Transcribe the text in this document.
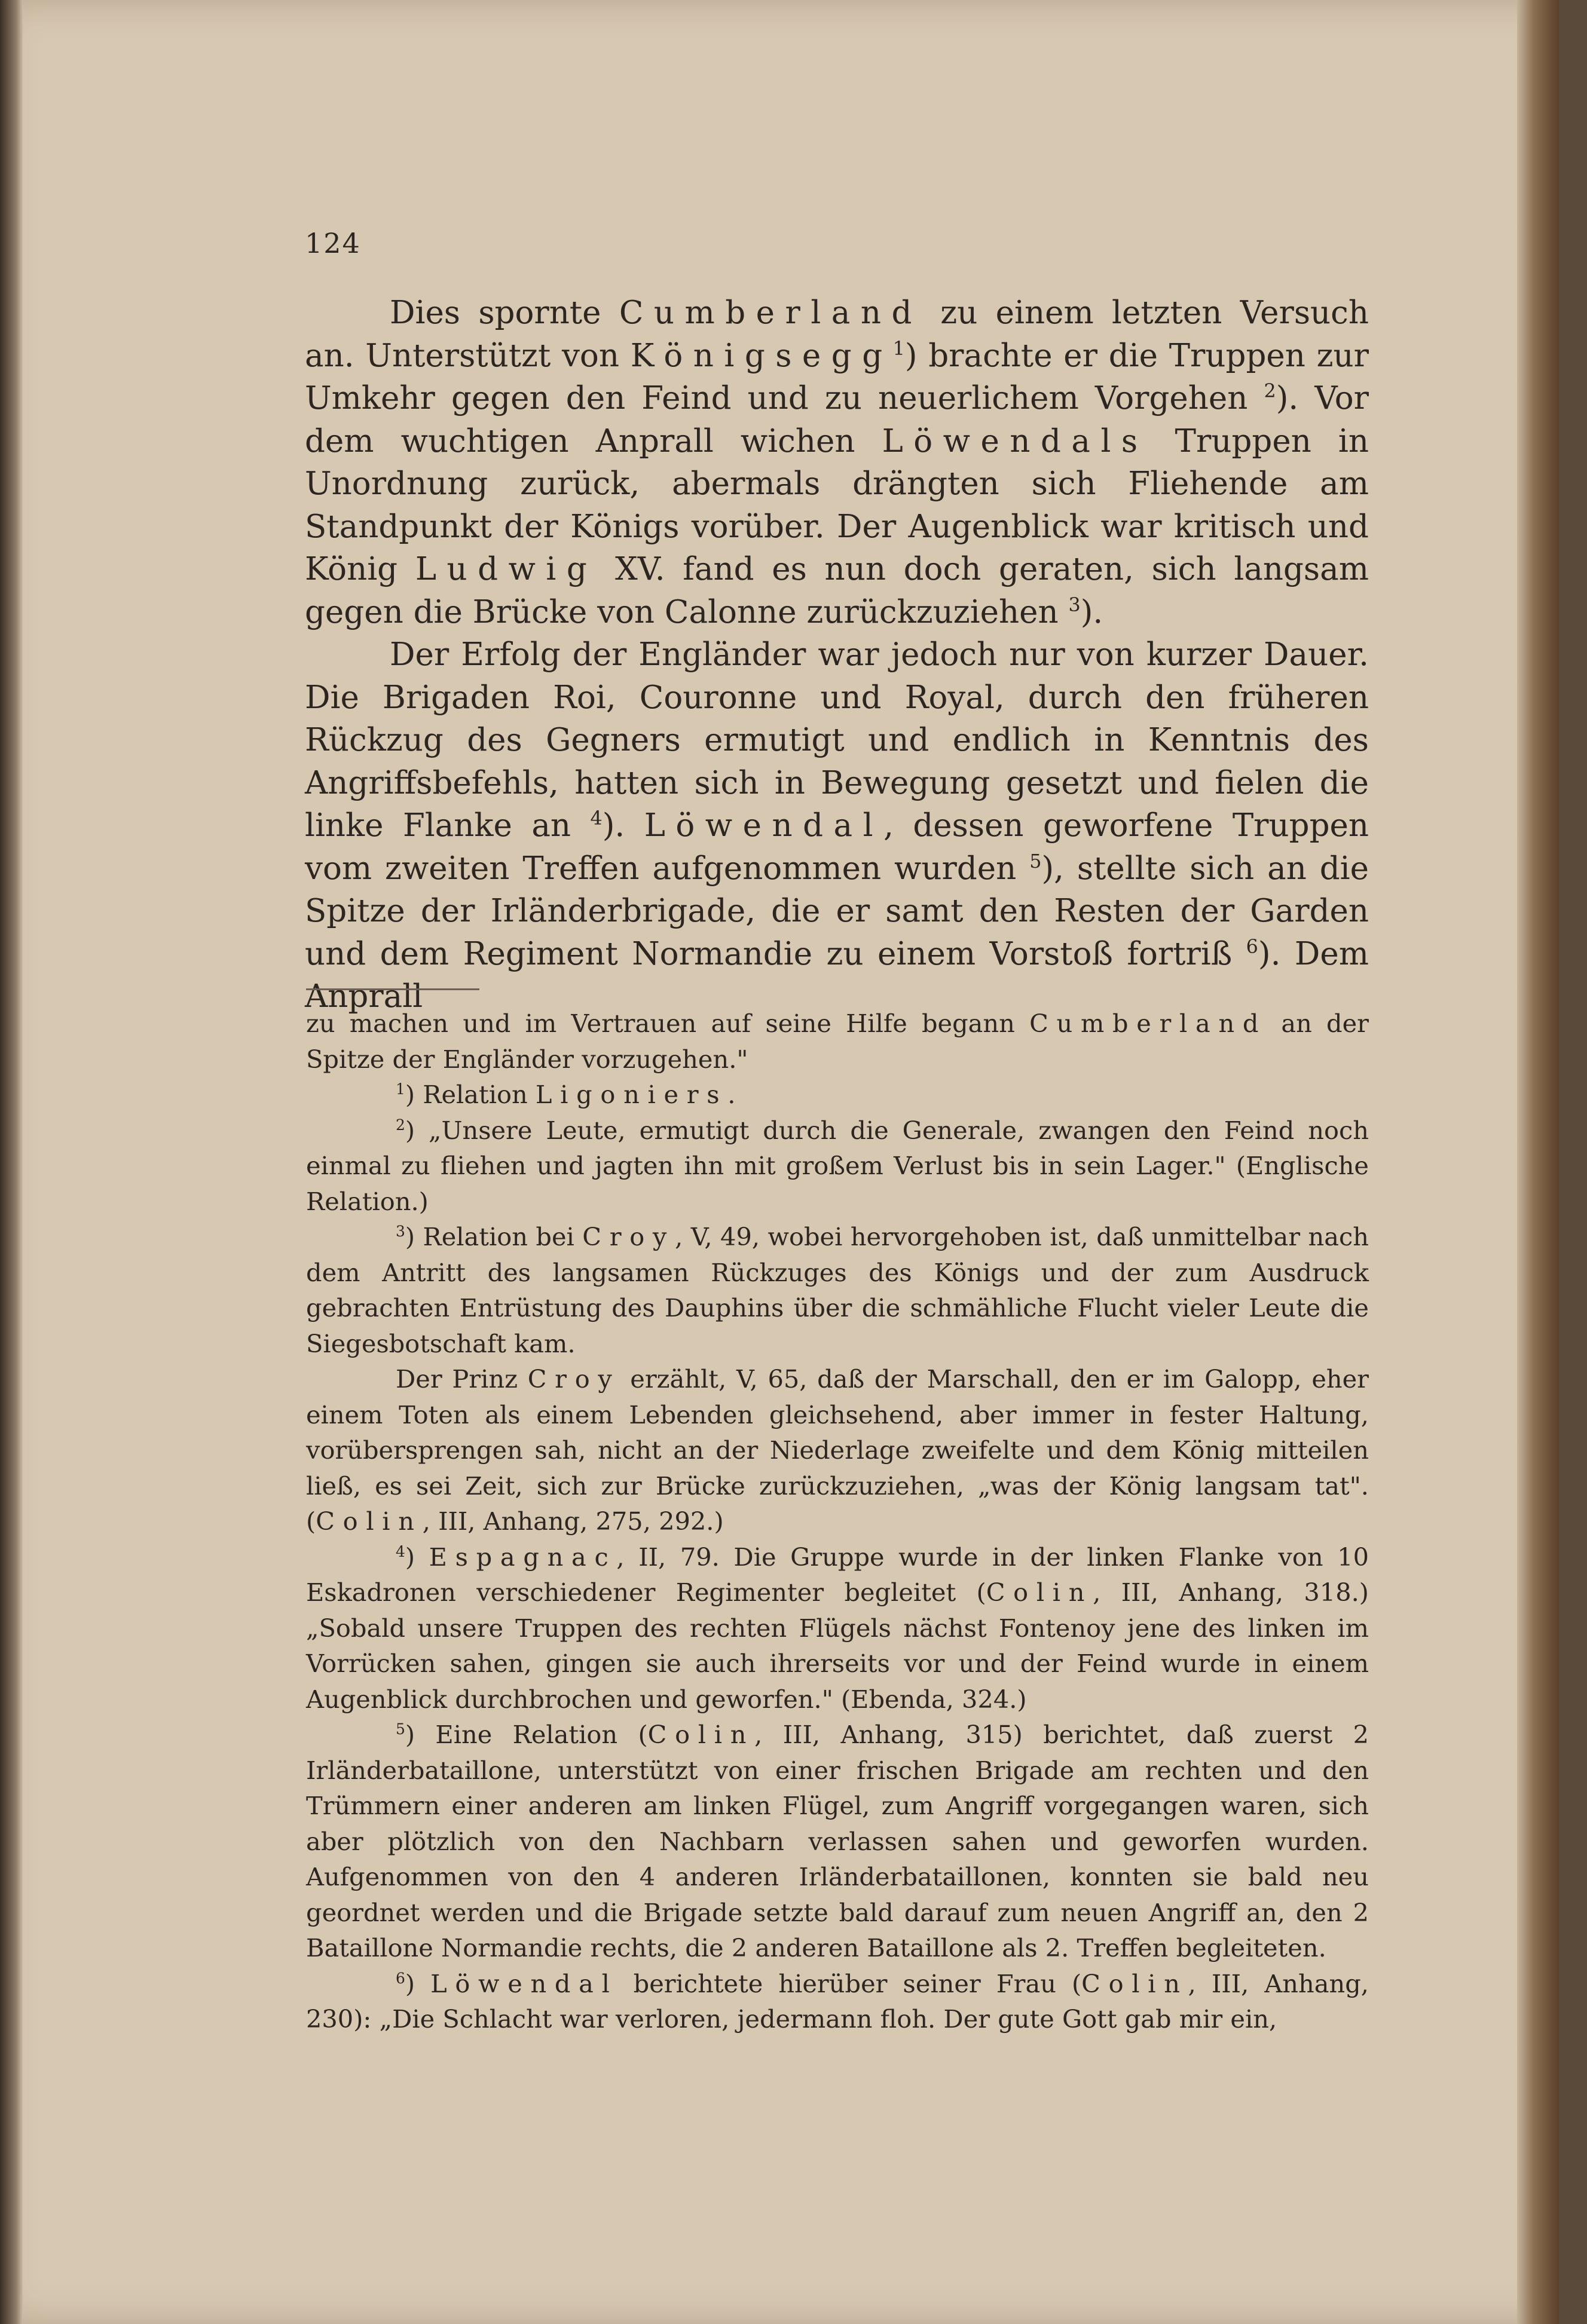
124

Dies spornte Cumberland zu einem letzten Versuch an. Unterstützt von Königsegg$^1$) brachte er die Truppen zur Umkehr gegen den Feind und zu neuerlichem Vorgehen $^2$). Vor dem wuchtigen Anprall wichen Löwendals Truppen in Unordnung zurück, abermals drängten sich Fliehende am Standpunkt der Königs vorüber. Der Augenblick war kritisch und König Ludwig XV. fand es nun doch geraten, sich langsam gegen die Brücke von Calonne zurückzuziehen $^3$).

Der Erfolg der Engländer war jedoch nur von kurzer Dauer. Die Brigaden Roi, Couronne und Royal, durch den früheren Rückzug des Gegners ermutigt und endlich in Kenntnis des Angriffsbefehls, hatten sich in Bewegung gesetzt und fielen die linke Flanke an $^4$). Löwendal, dessen geworfene Truppen vom zweiten Treffen aufgenommen wurden $^5$), stellte sich an die Spitze der Irländerbrigade, die er samt den Resten der Garden und dem Regiment Normandie zu einem Vorstoß fortriß $^6$). Dem Anprall

zu machen und im Vertrauen auf seine Hilfe begann Cumberland an der Spitze der Engländer vorzugehen."

$^1$) Relation Ligoniers.

$^2$) „Unsere Leute, ermutigt durch die Generale, zwangen den Feind noch einmal zu fliehen und jagten ihn mit großem Verlust bis in sein Lager." (Englische Relation.)

$^3$) Relation bei Croy, V, 49, wobei hervorgehoben ist, daß unmittelbar nach dem Antritt des langsamen Rückzuges des Königs und der zum Ausdruck gebrachten Entrüstung des Dauphins über die schmähliche Flucht vieler Leute die Siegesbotschaft kam.

Der Prinz Croy erzählt, V, 65, daß der Marschall, den er im Galopp, eher einem Toten als einem Lebenden gleichsehend, aber immer in fester Haltung, vorübersprengen sah, nicht an der Niederlage zweifelte und dem König mitteilen ließ, es sei Zeit, sich zur Brücke zurückzuziehen, „was der König langsam tat". (Colin, III, Anhang, 275, 292.)

$^4$) Espagnac, II, 79. Die Gruppe wurde in der linken Flanke von 10 Eskadronen verschiedener Regimenter begleitet (Colin, III, Anhang, 318.) „Sobald unsere Truppen des rechten Flügels nächst Fontenoy jene des linken im Vorrücken sahen, gingen sie auch ihrerseits vor und der Feind wurde in einem Augenblick durchbrochen und geworfen." (Ebenda, 324.)

$^5$) Eine Relation (Colin, III, Anhang, 315) berichtet, daß zuerst 2 Irländerbataillone, unterstützt von einer frischen Brigade am rechten und den Trümmern einer anderen am linken Flügel, zum Angriff vorgegangen waren, sich aber plötzlich von den Nachbarn verlassen sahen und geworfen wurden. Aufgenommen von den 4 anderen Irländerbataillonen, konnten sie bald neu geordnet werden und die Brigade setzte bald darauf zum neuen Angriff an, den 2 Bataillone Normandie rechts, die 2 anderen Bataillone als 2. Treffen begleiteten.

$^6$) Löwendal berichtete hierüber seiner Frau (Colin, III, Anhang, 230): „Die Schlacht war verloren, jedermann floh. Der gute Gott gab mir ein,
